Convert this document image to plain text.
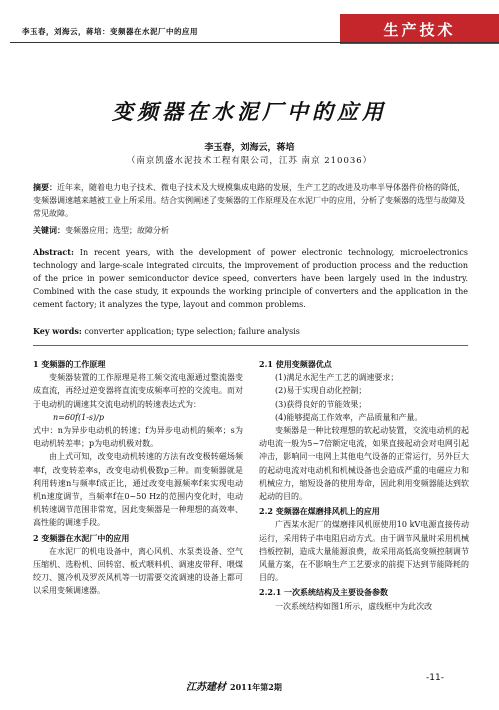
李玉春，刘海云，蒋培：变频器在水泥厂中的应用	生产技术
变频器在水泥厂中的应用
李玉春，刘海云，蒋培
（南京凯盛水泥技术工程有限公司，江苏 南京 210036）
摘要：近年来，随着电力电子技术、微电子技术及大规模集成电路的发展，生产工艺的改进及功率半导体器件价格的降低，变频器调速越来越被工业上所采用。结合实例阐述了变频器的工作原理及在水泥厂中的应用，分析了变频器的选型与故障及常见故障。
关键词：变频器应用；选型；故障分析
Abstract: In recent years, with the development of power electronic technology, microelectronics technology and large-scale integrated circuits, the improvement of production process and the reduction of the price in power semiconductor device speed, converters have been largely used in the industry. Combined with the case study, it expounds the working principle of converters and the application in the cement factory; it analyzes the type, layout and common problems.
Key words: converter application; type selection; failure analysis

1 变频器的工作原理

变频器装置的工作原理是将工频交流电源通过整流器变成直流，再经过逆变器将直流变成频率可控的交流电。而对于电动机的调速其交流电动机的转速表达式为：

n=60f(1-s)/p

式中：n为异步电动机的转速；f为异步电动机的频率；s为电动机转差率；p为电动机极对数。

由上式可知，改变电动机转速的方法有改变极转磁场频率f，改变转差率s，改变电动机极数p三种。而变频器就是利用转速n与频率f成正比，通过改变电源频率f来实现电动机n速度调节，当频率f在0~50 Hz的范围内变化时，电动机转速调节范围非常宽，因此变频器是一种理想的高效率、高性能的调速手段。

2 变频器在水泥厂中的应用

在水泥厂的机电设备中，离心风机、水泵类设备、空气压缩机、选粉机、回转窑、板式喂料机、调速皮带秤、喂煤绞刀、篦冷机及罗茨风机等一切需要交流调速的设备上都可以采用变频调速器。

2.1 使用变频器优点

(1)满足水泥生产工艺的调速要求；

(2)易于实现自动化控制；

(3)获得良好的节能效果；

(4)能够提高工作效率，产品质量和产量。

变频器是一种比较理想的软起动装置，交流电动机的起动电流一般为5~7倍额定电流，如果直接起动会对电网引起冲击，影响同一电网上其他电气设备的正常运行，另外巨大的起动电流对电动机和机械设备也会造成严重的电磁应力和机械应力，缩短设备的使用寿命，因此利用变频器能达到软起动的目的。

2.2 变频器在煤磨排风机上的应用

广西某水泥厂的煤磨排风机原使用10 kV电源直接传动运行，采用转子串电阻启动方式。由于调节风量时采用机械挡板控制，造成大量能源浪费，故采用高低高变频控制调节风量方案，在不影响生产工艺要求的前提下达到节能降耗的目的。

2.2.1 一次系统结构及主要设备参数

一次系统结构如图1所示，虚线框中为此次改

江苏建材 2011年第2期
-11-
